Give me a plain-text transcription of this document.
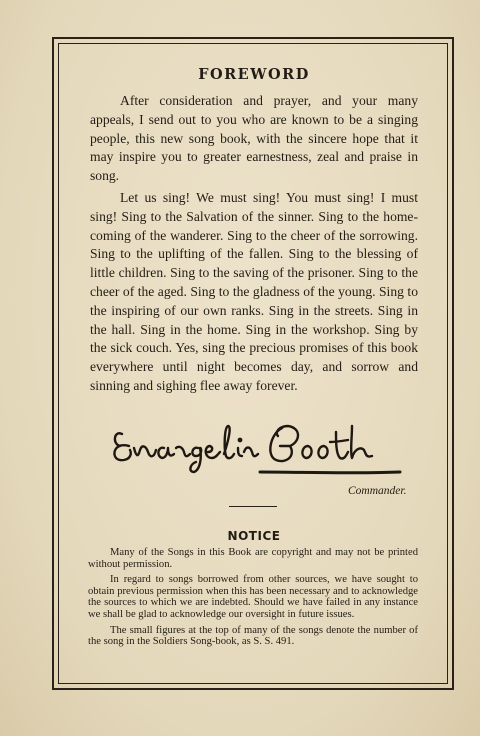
FOREWORD

After consideration and prayer, and your many appeals, I send out to you who are known to be a singing people, this new song book, with the sincere hope that it may inspire you to greater earnestness, zeal and praise in song.

Let us sing! We must sing! You must sing! I must sing! Sing to the Salvation of the sinner. Sing to the home-coming of the wanderer. Sing to the cheer of the sorrowing. Sing to the uplifting of the fallen. Sing to the blessing of little children. Sing to the saving of the prisoner. Sing to the cheer of the aged. Sing to the gladness of the young. Sing to the inspiring of our own ranks. Sing in the streets. Sing in the hall. Sing in the home. Sing in the workshop. Sing by the sick couch. Yes, sing the precious promises of this book everywhere until night becomes day, and sorrow and sinning and sighing flee away forever.

Commander.
NOTICE

Many of the Songs in this Book are copyright and may not be printed without permission.

In regard to songs borrowed from other sources, we have sought to obtain previous permission when this has been necessary and to acknowledge the sources to which we are indebted. Should we have failed in any instance we shall be glad to acknowledge our oversight in future issues.

The small figures at the top of many of the songs denote the number of the song in the Soldiers Song-book, as S. S. 491.
